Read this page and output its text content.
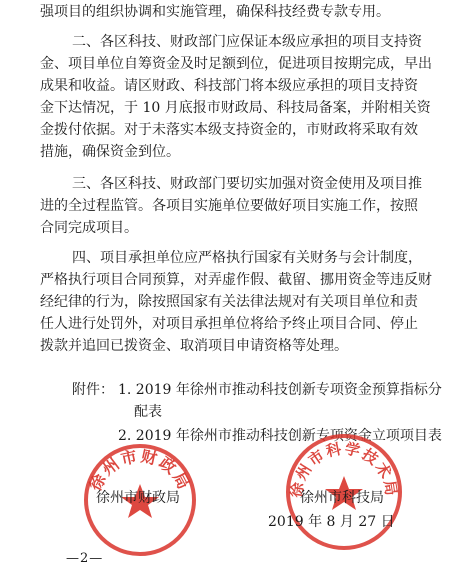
强项目的组织协调和实施管理，确保科技经费专款专用。
二、各区科技、财政部门应保证本级应承担的项目支持资
金、项目单位自筹资金及时足额到位，促进项目按期完成，早出
成果和收益。请区财政、科技部门将本级应承担的项目支持资
金下达情况，于 10 月底报市财政局、科技局备案，并附相关资
金拨付依据。对于未落实本级支持资金的，市财政将采取有效
措施，确保资金到位。
三、各区科技、财政部门要切实加强对资金使用及项目推
进的全过程监管。各项目实施单位要做好项目实施工作，按照
合同完成项目。
四、项目承担单位应严格执行国家有关财务与会计制度，
严格执行项目合同预算，对弄虚作假、截留、挪用资金等违反财
经纪律的行为，除按照国家有关法律法规对有关项目单位和责
任人进行处罚外，对项目承担单位将给予终止项目合同、停止
拨款并追回已拨资金、取消项目申请资格等处理。
附件： 1. 2019 年徐州市推动科技创新专项资金预算指标分
配表
2. 2019 年徐州市推动科技创新专项资金立项项目表
徐州市财政局	徐州市科学技术局
徐州市财政局	徐州市科技局
2019 年 8 月 27 日
—2—
